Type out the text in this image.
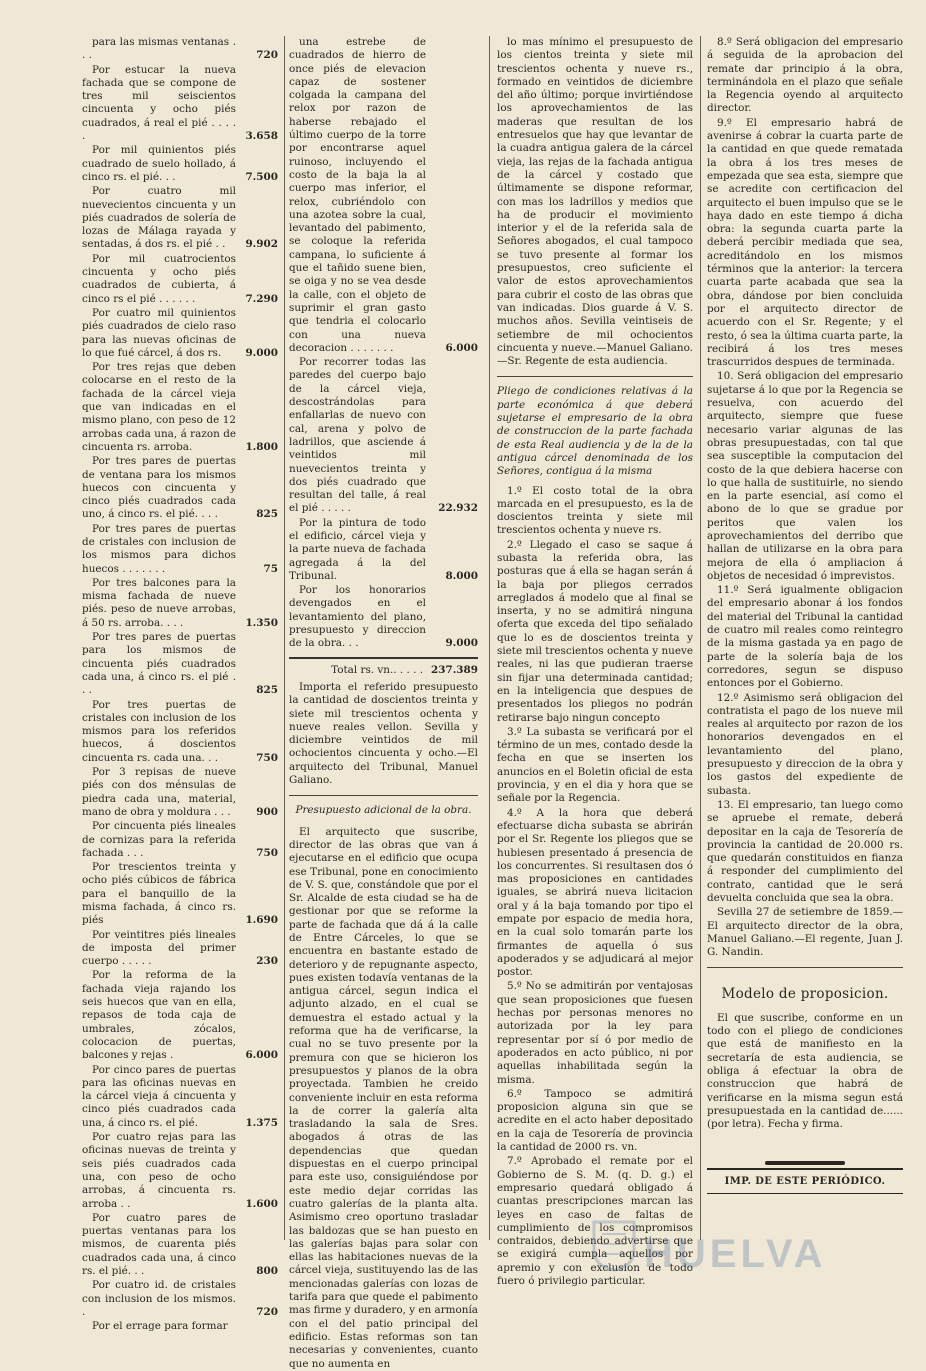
para las mismas ventanas . . .	720
Por estucar la nueva fachada que se compone de tres mil seiscientos cincuenta y ocho piés cuadrados, á real el pié . . . . .	3.658
Por mil quinientos piés cuadrado de suelo hollado, á cinco rs. el pié. . .	7.500
Por cuatro mil nuevecientos cincuenta y un piés cuadrados de solería de lozas de Málaga rayada y sentadas, á dos rs. el pié . .	9.902
Por mil cuatrocientos cincuenta y ocho piés cuadrados de cubierta, á cinco rs el pié . . . . . .	7.290
Por cuatro mil quinientos piés cuadrados de cielo raso para las nuevas oficinas de lo que fué cárcel, á dos rs.	9.000
Por tres rejas que deben colocarse en el resto de la fachada de la cárcel vieja que van indicadas en el mismo plano, con peso de 12 arrobas cada una, á razon de cincuenta rs. arroba.	1.800
Por tres pares de puertas de ventana para los mismos huecos con cincuenta y cinco piés cuadrados cada uno, á cinco rs. el pié. . . .	825
Por tres pares de puertas de cristales con inclusion de los mismos para dichos huecos . . . . . . .	75
Por tres balcones para la misma fachada de nueve piés. peso de nueve arrobas, á 50 rs. arroba. . . .	1.350
Por tres pares de puertas para los mismos de cincuenta piés cuadrados cada una, á cinco rs. el pié . . .	825
Por tres puertas de cristales con inclusion de los mismos para los referidos huecos, á doscientos cincuenta rs. cada una. . .	750
Por 3 repisas de nueve piés con dos ménsulas de piedra cada una, material, mano de obra y moldura . . .	900
Por cincuenta piés lineales de cornizas para la referida fachada . . .	750
Por trescientos treinta y ocho piés cúbicos de fábrica para el banquillo de la misma fachada, á cinco rs. piés	1.690
Por veintitres piés lineales de imposta del primer cuerpo . . . . .	230
Por la reforma de la fachada vieja rajando los seis huecos que van en ella, repasos de toda caja de umbrales, zócalos, colocacion de puertas, balcones y rejas .	6.000
Por cinco pares de puertas para las oficinas nuevas en la cárcel vieja á cincuenta y cinco piés cuadrados cada una, á cinco rs. el pié.	1.375
Por cuatro rejas para las oficinas nuevas de treinta y seis piés cuadrados cada una, con peso de ocho arrobas, á cincuenta rs. arroba . .	1.600
Por cuatro pares de puertas ventanas para los mismos, de cuarenta piés cuadrados cada una, á cinco rs. el pié. . .	800
Por cuatro id. de cristales con inclusion de los mismos. .	720
Por el errage para formar
una estrebe de cuadrados de hierro de once piés de elevacion capaz de sostener colgada la campana del relox por razon de haberse rebajado el último cuerpo de la torre por encontrarse aquel ruinoso, incluyendo el costo de la baja la al cuerpo mas inferior, el relox, cubriéndolo con una azotea sobre la cual, levantado del pabimento, se coloque la referida campana, lo suficiente á que el tañido suene bien, se oiga y no se vea desde la calle, con el objeto de suprimir el gran gasto que tendria el colocarlo con una nueva decoracion . . . . . . .	6.000
Por recorrer todas las paredes del cuerpo bajo de la cárcel vieja, descostrándolas para enfallarlas de nuevo con cal, arena y polvo de ladrillos, que asciende á veintidos mil nuevecientos treinta y dos piés cuadrado que resultan del talle, á real el pié . . . . .	22.932
Por la pintura de todo el edificio, cárcel vieja y la parte nueva de fachada agregada á la del Tribunal.	8.000
Por los honorarios devengados en el levantamiento del plano, presupuesto y direccion de la obra. . .	9.000
Total rs. vn.. . . . . 237.389

Importa el referido presupuesto la cantidad de doscientos treinta y siete mil trescientos ochenta y nueve reales vellon. Sevilla y diciembre veintidos de mil ochocientos cincuenta y ocho.—El arquitecto del Tribunal, Manuel Galiano.

Presupuesto adicional de la obra.

El arquitecto que suscribe, director de las obras que van á ejecutarse en el edificio que ocupa ese Tribunal, pone en conocimiento de V. S. que, constándole que por el Sr. Alcalde de esta ciudad se ha de gestionar por que se reforme la parte de fachada que dá á la calle de Entre Cárceles, lo que se encuentra en bastante estado de deterioro y de repugnante aspecto, pues existen todavía ventanas de la antigua cárcel, segun indica el adjunto alzado, en el cual se demuestra el estado actual y la reforma que ha de verificarse, la cual no se tuvo presente por la premura con que se hicieron los presupuestos y planos de la obra proyectada. Tambien he creido conveniente incluir en esta reforma la de correr la galería alta trasladando la sala de Sres. abogados á otras de las dependencias que quedan dispuestas en el cuerpo principal para este uso, consiguiéndose por este medio dejar corridas las cuatro galerías de la planta alta. Asimismo creo oportuno trasladar las baldozas que se han puesto en las galerías bajas para solar con ellas las habitaciones nuevas de la cárcel vieja, sustituyendo las de las mencionadas galerías con lozas de tarifa para que quede el pabimento mas firme y duradero, y en armonía con el del patio principal del edificio. Estas reformas son tan necesarias y convenientes, cuanto que no aumenta en

lo mas mínimo el presupuesto de los cientos treinta y siete mil trescientos ochenta y nueve rs., formado en veintidos de diciembre del año último; porque invirtiéndose los aprovechamientos de las maderas que resultan de los entresuelos que hay que levantar de la cuadra antigua galera de la cárcel vieja, las rejas de la fachada antigua de la cárcel y costado que últimamente se dispone reformar, con mas los ladrillos y medios que ha de producir el movimiento interior y el de la referida sala de Señores abogados, el cual tampoco se tuvo presente al formar los presupuestos, creo suficiente el valor de estos aprovechamientos para cubrir el costo de las obras que van indicadas. Dios guarde á V. S. muchos años. Sevilla veintiseis de setiembre de mil ochocientos cincuenta y nueve.—Manuel Galiano.—Sr. Regente de esta audiencia.

Pliego de condiciones relativas á la parte económica á que deberá sujetarse el empresario de la obra de construccion de la parte fachada de esta Real audiencia y de la de la antigua cárcel denominada de los Señores, contigua á la misma

1.º El costo total de la obra marcada en el presupuesto, es la de doscientos treinta y siete mil trescientos ochenta y nueve rs.

2.º Llegado el caso se saque á subasta la referida obra, las posturas que á ella se hagan serán á la baja por pliegos cerrados arreglados á modelo que al final se inserta, y no se admitirá ninguna oferta que exceda del tipo señalado que lo es de doscientos treinta y siete mil trescientos ochenta y nueve reales, ni las que pudieran traerse sin fijar una determinada cantidad; en la inteligencia que despues de presentados los pliegos no podrán retirarse bajo ningun concepto

3.º La subasta se verificará por el término de un mes, contado desde la fecha en que se inserten los anuncios en el Boletin oficial de esta provincia, y en el dia y hora que se señale por la Regencia.

4.º A la hora que deberá efectuarse dicha subasta se abrirán por el Sr. Regente los pliegos que se hubiesen presentado á presencia de los concurrentes. Si resultasen dos ó mas proposiciones en cantidades iguales, se abrirá nueva licitacion oral y á la baja tomando por tipo el empate por espacio de media hora, en la cual solo tomarán parte los firmantes de aquella ó sus apoderados y se adjudicará al mejor postor.

5.º No se admitirán por ventajosas que sean proposiciones que fuesen hechas por personas menores no autorizada por la ley para representar por sí ó por medio de apoderados en acto público, ni por aquellas inhabilitada según la misma.

6.º Tampoco se admitirá proposicion alguna sin que se acredite en el acto haber depositado en la caja de Tesorería de provincia la cantidad de 2000 rs. vn.

7.º Aprobado el remate por el Gobierno de S. M. (q. D. g.) el empresario quedará obligado á cuantas prescripciones marcan las leyes en caso de faltas de cumplimiento de los compromisos contraidos, debiendo advertirse que se exigirá cumpla aquellos por apremio y con exclusion de todo fuero ó privilegio particular.

8.º Será obligacion del empresario á seguida de la aprobacion del remate dar principio á la obra, terminándola en el plazo que señale la Regencia oyendo al arquitecto director.

9.º El empresario habrá de avenirse á cobrar la cuarta parte de la cantidad en que quede rematada la obra á los tres meses de empezada que sea esta, siempre que se acredite con certificacion del arquitecto el buen impulso que se le haya dado en este tiempo á dicha obra: la segunda cuarta parte la deberá percibir mediada que sea, acreditándolo en los mismos términos que la anterior: la tercera cuarta parte acabada que sea la obra, dándose por bien concluida por el arquitecto director de acuerdo con el Sr. Regente; y el resto, ó sea la última cuarta parte, la recibirá á los tres meses trascurridos despues de terminada.

10. Será obligacion del empresario sujetarse á lo que por la Regencia se resuelva, con acuerdo del arquitecto, siempre que fuese necesario variar algunas de las obras presupuestadas, con tal que sea susceptible la computacion del costo de la que debiera hacerse con lo que halla de sustituirle, no siendo en la parte esencial, así como el abono de lo que se gradue por peritos que valen los aprovechamientos del derribo que hallan de utilizarse en la obra para mejora de ella ó ampliacion á objetos de necesidad ó imprevistos.

11.º Será igualmente obligacion del empresario abonar á los fondos del material del Tribunal la cantidad de cuatro mil reales como reintegro de la misma gastada ya en pago de parte de la solería baja de los corredores, segun se dispuso entonces por el Gobierno.

12.º Asimismo será obligacion del contratista el pago de los nueve mil reales al arquitecto por razon de los honorarios devengados en el levantamiento del plano, presupuesto y direccion de la obra y los gastos del expediente de subasta.

13. El empresario, tan luego como se apruebe el remate, deberá depositar en la caja de Tesorería de provincia la cantidad de 20.000 rs. que quedarán constituidos en fianza á responder del cumplimiento del contrato, cantidad que le será devuelta concluida que sea la obra.

Sevilla 27 de setiembre de 1859.—El arquitecto director de la obra, Manuel Galiano.—El regente, Juan J. G. Nandin.

Modelo de proposicion.

El que suscribe, conforme en un todo con el pliego de condiciones que está de manifiesto en la secretaría de esta audiencia, se obliga á efectuar la obra de construccion que habrá de verificarse en la misma segun está presupuestada en la cantidad de...... (por letra). Fecha y firma.

IMP. DE ESTE PERIÓDICO.
HUELVA
